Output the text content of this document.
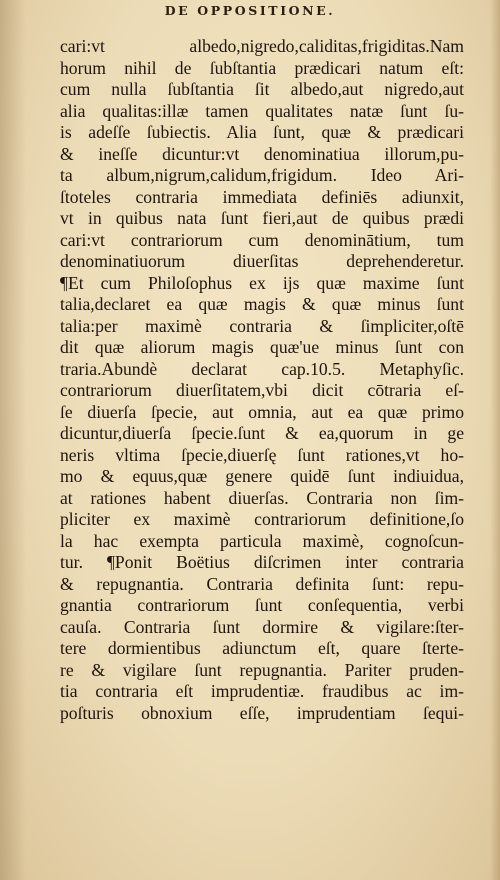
DE OPPOSITIONE.
cari:vt albedo,nigredo,caliditas,frigiditas.Nam
horum nihil de ſubſtantia prædicari natum eſt:
cum nulla ſubſtantia ſit albedo,aut nigredo,aut
alia qualitas:illæ tamen qualitates natæ ſunt ſu-
is adeſſe ſubiectis. Alia ſunt, quæ & prædicari
& ineſſe dicuntur:vt denominatiua illorum,pu-
ta album,nigrum,calidum,frigidum. Ideo Ari-
ſtoteles contraria immediata definiēs adiunxit,
vt in quibus nata ſunt fieri,aut de quibus prædi
cari:vt contrariorum cum denominātium, tum
denominatiuorum diuerſitas deprehenderetur.
¶Et cum Philoſophus ex ijs quæ maxime ſunt
talia,declaret ea quæ magis & quæ minus ſunt
talia:per maximè contraria & ſimpliciter,oſtē
dit quæ aliorum magis quæ'ue minus ſunt con
traria.Abundè declarat cap.10.5. Metaphyſic.
contrariorum diuerſitatem,vbi dicit cōtraria eſ-
ſe diuerſa ſpecie, aut omnia, aut ea quæ primo
dicuntur,diuerſa ſpecie.ſunt & ea,quorum in ge
neris vltima ſpecie,diuerſę ſunt rationes,vt ho-
mo & equus,quæ genere quidē ſunt indiuidua,
at rationes habent diuerſas. Contraria non ſim-
pliciter ex maximè contrariorum definitione,ſo
la hac exempta particula maximè, cognoſcun-
tur. ¶Ponit Boëtius diſcrimen inter contraria
& repugnantia. Contraria definita ſunt: repu-
gnantia contrariorum ſunt conſequentia, verbi
cauſa. Contraria ſunt dormire & vigilare:ſter-
tere dormientibus adiunctum eſt, quare ſterte-
re & vigilare ſunt repugnantia. Pariter pruden-
tia contraria eſt imprudentiæ. fraudibus ac im-
poſturis obnoxium eſſe, imprudentiam ſequi-
